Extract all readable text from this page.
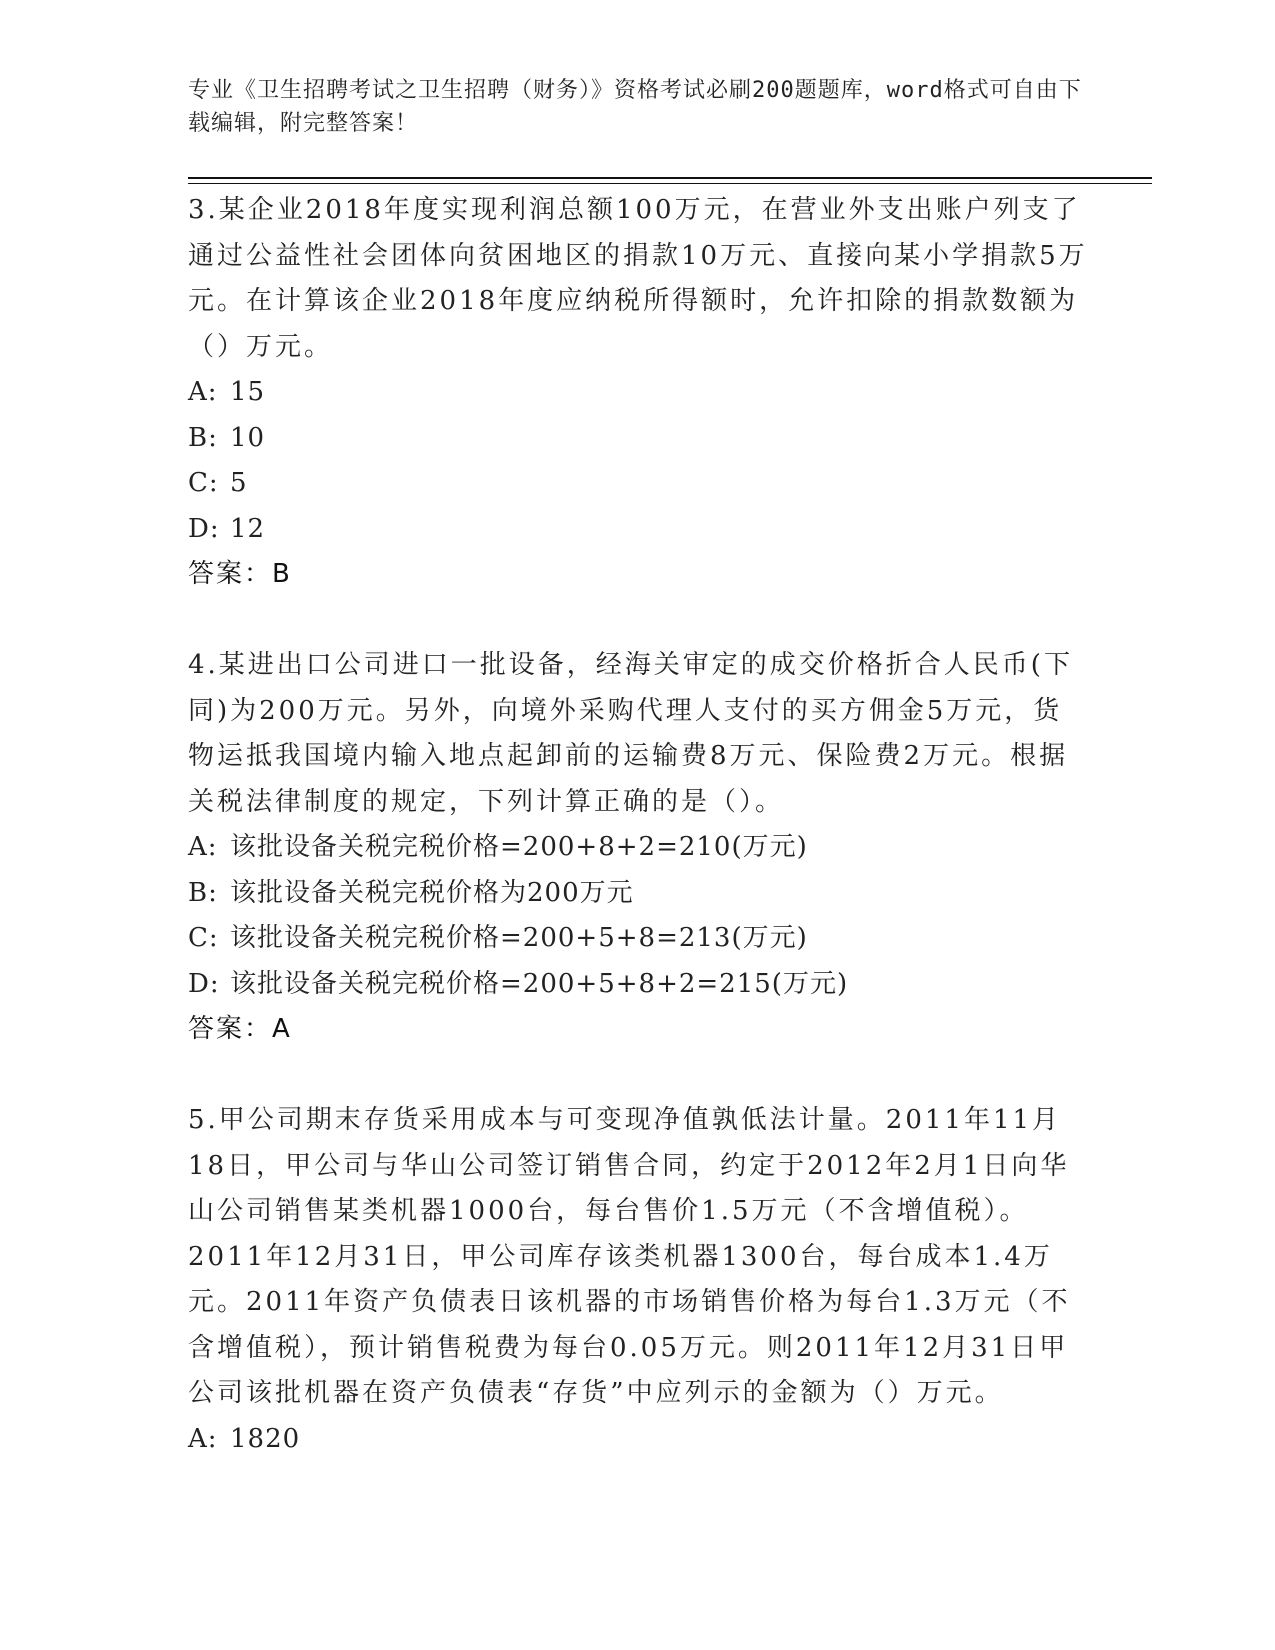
专业《卫生招聘考试之卫生招聘（财务）》资格考试必刷200题题库，word格式可自由下载编辑，附完整答案！

3.某企业2018年度实现利润总额100万元，在营业外支出账户列支了通过公益性社会团体向贫困地区的捐款10万元、直接向某小学捐款5万元。在计算该企业2018年度应纳税所得额时，允许扣除的捐款数额为（）万元。

A: 15

B: 10

C: 5

D: 12

答案：B

4.某进出口公司进口一批设备，经海关审定的成交价格折合人民币(下同)为200万元。另外，向境外采购代理人支付的买方佣金5万元，货物运抵我国境内输入地点起卸前的运输费8万元、保险费2万元。根据关税法律制度的规定，下列计算正确的是（）。

A: 该批设备关税完税价格=200+8+2=210(万元)

B: 该批设备关税完税价格为200万元

C: 该批设备关税完税价格=200+5+8=213(万元)

D: 该批设备关税完税价格=200+5+8+2=215(万元)

答案：A

5.甲公司期末存货采用成本与可变现净值孰低法计量。2011年11月18日，甲公司与华山公司签订销售合同，约定于2012年2月1日向华山公司销售某类机器1000台，每台售价1.5万元（不含增值税）。2011年12月31日，甲公司库存该类机器1300台，每台成本1.4万元。2011年资产负债表日该机器的市场销售价格为每台1.3万元（不含增值税），预计销售税费为每台0.05万元。则2011年12月31日甲公司该批机器在资产负债表“存货”中应列示的金额为（）万元。

A: 1820
